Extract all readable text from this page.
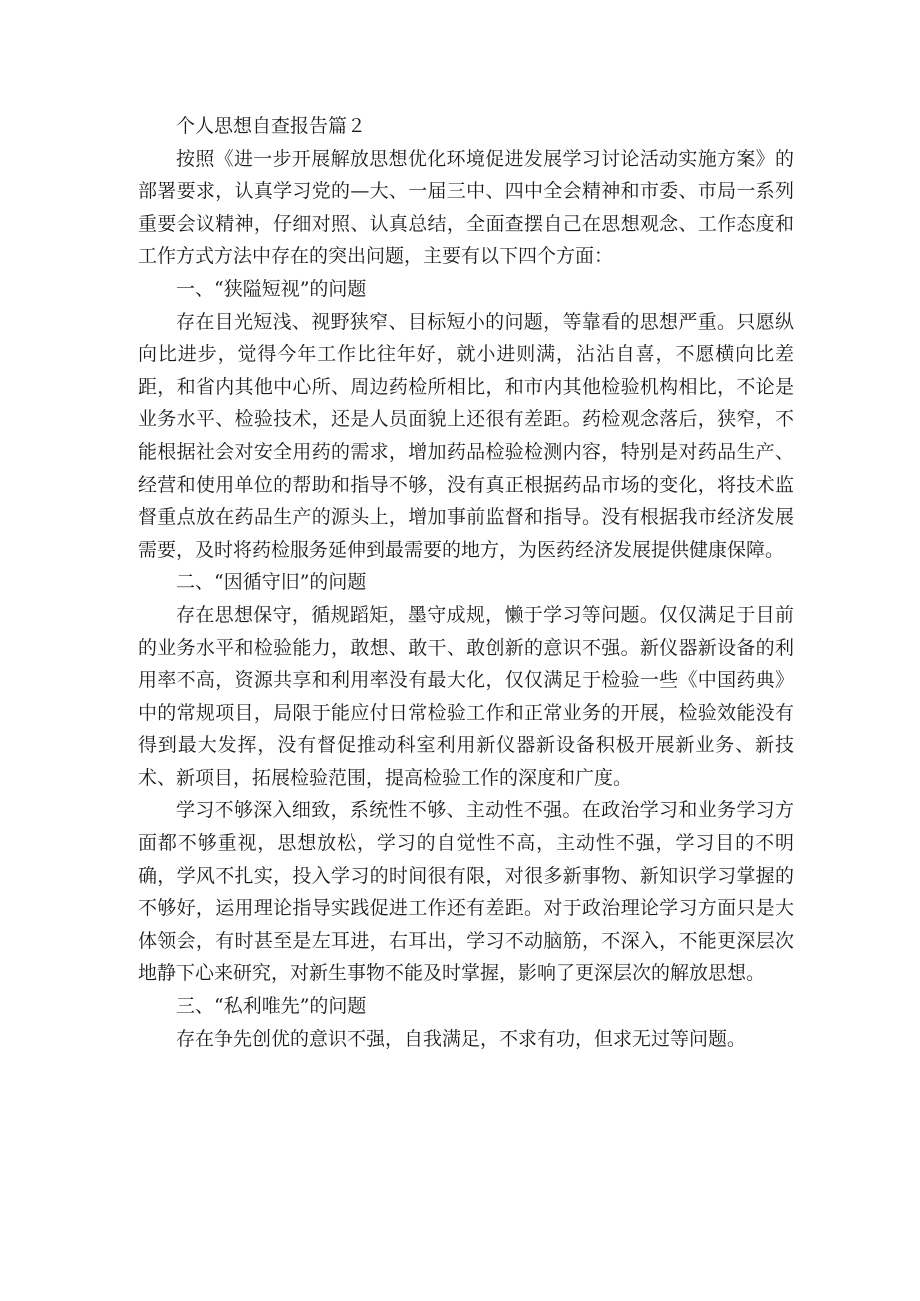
个人思想自查报告篇２

按照《进一步开展解放思想优化环境促进发展学习讨论活动实施方案》的部署要求，认真学习党的—大、一届三中、四中全会精神和市委、市局一系列重要会议精神，仔细对照、认真总结，全面查摆自己在思想观念、工作态度和工作方式方法中存在的突出问题，主要有以下四个方面：

一、“狭隘短视”的问题

存在目光短浅、视野狭窄、目标短小的问题，等靠看的思想严重。只愿纵向比进步，觉得今年工作比往年好，就小进则满，沾沾自喜，不愿横向比差距，和省内其他中心所、周边药检所相比，和市内其他检验机构相比，不论是业务水平、检验技术，还是人员面貌上还很有差距。药检观念落后，狭窄，不能根据社会对安全用药的需求，增加药品检验检测内容，特别是对药品生产、经营和使用单位的帮助和指导不够，没有真正根据药品市场的变化，将技术监督重点放在药品生产的源头上，增加事前监督和指导。没有根据我市经济发展需要，及时将药检服务延伸到最需要的地方，为医药经济发展提供健康保障。

二、“因循守旧”的问题

存在思想保守，循规蹈矩，墨守成规，懒于学习等问题。仅仅满足于目前的业务水平和检验能力，敢想、敢干、敢创新的意识不强。新仪器新设备的利用率不高，资源共享和利用率没有最大化，仅仅满足于检验一些《中国药典》中的常规项目，局限于能应付日常检验工作和正常业务的开展，检验效能没有得到最大发挥，没有督促推动科室利用新仪器新设备积极开展新业务、新技术、新项目，拓展检验范围，提高检验工作的深度和广度。

学习不够深入细致，系统性不够、主动性不强。在政治学习和业务学习方面都不够重视，思想放松，学习的自觉性不高，主动性不强，学习目的不明确，学风不扎实，投入学习的时间很有限，对很多新事物、新知识学习掌握的不够好，运用理论指导实践促进工作还有差距。对于政治理论学习方面只是大体领会，有时甚至是左耳进，右耳出，学习不动脑筋，不深入，不能更深层次地静下心来研究，对新生事物不能及时掌握，影响了更深层次的解放思想。

三、“私利唯先”的问题

存在争先创优的意识不强，自我满足，不求有功，但求无过等问题。
